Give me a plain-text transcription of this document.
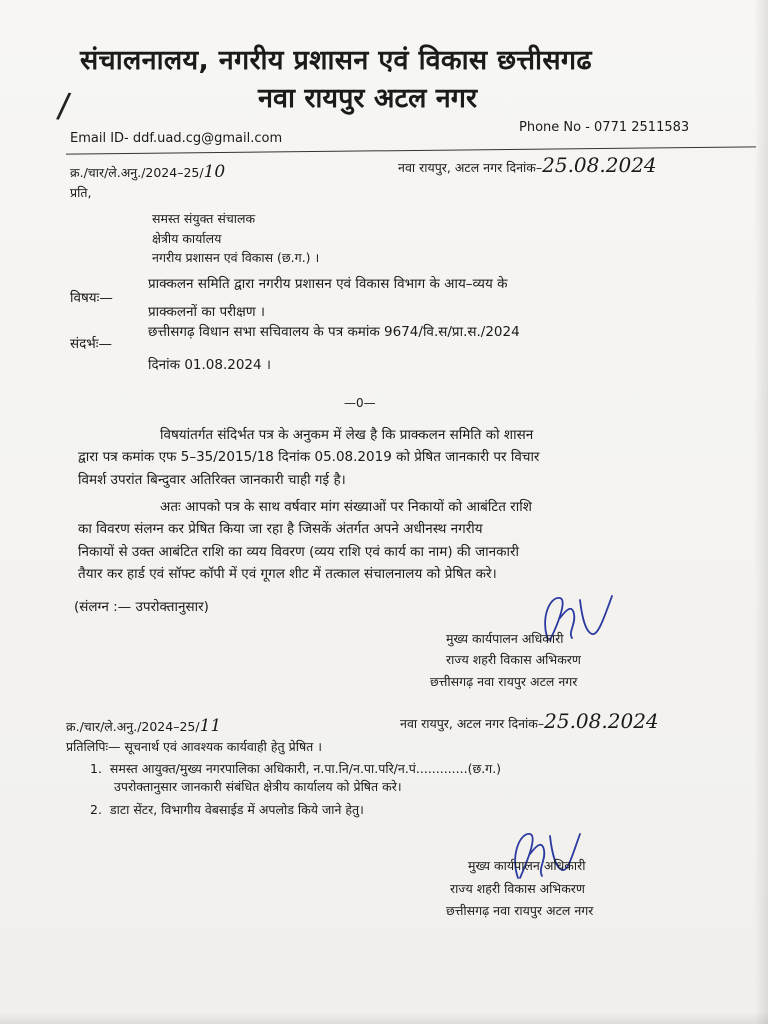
संचालनालय, नगरीय प्रशासन एवं विकास छत्तीसगढ
नवा रायपुर अटल नगर
/
Email ID- ddf.uad.cg@gmail.com
Phone No - 0771 2511583
क्र./चार/ले.अनु./2024–25/10	नवा रायपुर, अटल नगर दिनांक–25.08.2024
प्रति,
समस्त संयुक्त संचालक
क्षेत्रीय कार्यालय
नगरीय प्रशासन एवं विकास (छ.ग.) ।
विषयः—
प्राक्कलन समिति द्वारा नगरीय प्रशासन एवं विकास विभाग के आय–व्यय के
प्राक्कलनों का परीक्षण ।
संदर्भः—
छत्तीसगढ़ विधान सभा सचिवालय के पत्र कमांक 9674/वि.स/प्रा.स./2024
दिनांक 01.08.2024 ।
—0—
विषयांतर्गत संदिर्भत पत्र के अनुकम में लेख है कि प्राक्कलन समिति को शासन
द्वारा पत्र कमांक एफ 5–35/2015/18 दिनांक 05.08.2019 को प्रेषित जानकारी पर विचार
विमर्श उपरांत बिन्दुवार अतिरिक्त जानकारी चाही गई है।
अतः आपको पत्र के साथ वर्षवार मांग संख्याओं पर निकायों को आबंटित राशि
का विवरण संलग्न कर प्रेषित किया जा रहा है जिसकें अंतर्गत अपने अधीनस्थ नगरीय
निकायों से उक्त आबंटित राशि का व्यय विवरण (व्यय राशि एवं कार्य का नाम) की जानकारी
तैयार कर हार्ड एवं सॉफ्ट कॉपी में एवं गूगल शीट में तत्काल संचालनालय को प्रेषित करे।
(संलग्न :— उपरोक्तानुसार)
मुख्य कार्यपालन अधिकारी
राज्य शहरी विकास अभिकरण
छत्तीसगढ़ नवा रायपुर अटल नगर
क्र./चार/ले.अनु./2024–25/11	नवा रायपुर, अटल नगर दिनांक–25.08.2024
प्रतिलिपिः— सूचनार्थ एवं आवश्यक कार्यवाही हेतु प्रेषित ।
1. समस्त आयुक्त/मुख्य नगरपालिका अधिकारी, न.पा.नि/न.पा.परि/न.पं.............(छ.ग.)
उपरोक्तानुसार जानकारी संबंधित क्षेत्रीय कार्यालय को प्रेषित करे।
2. डाटा सेंटर, विभागीय वेबसाईड में अपलोड किये जाने हेतु।
मुख्य कार्यपालन अधिकारी
राज्य शहरी विकास अभिकरण
छत्तीसगढ़ नवा रायपुर अटल नगर
